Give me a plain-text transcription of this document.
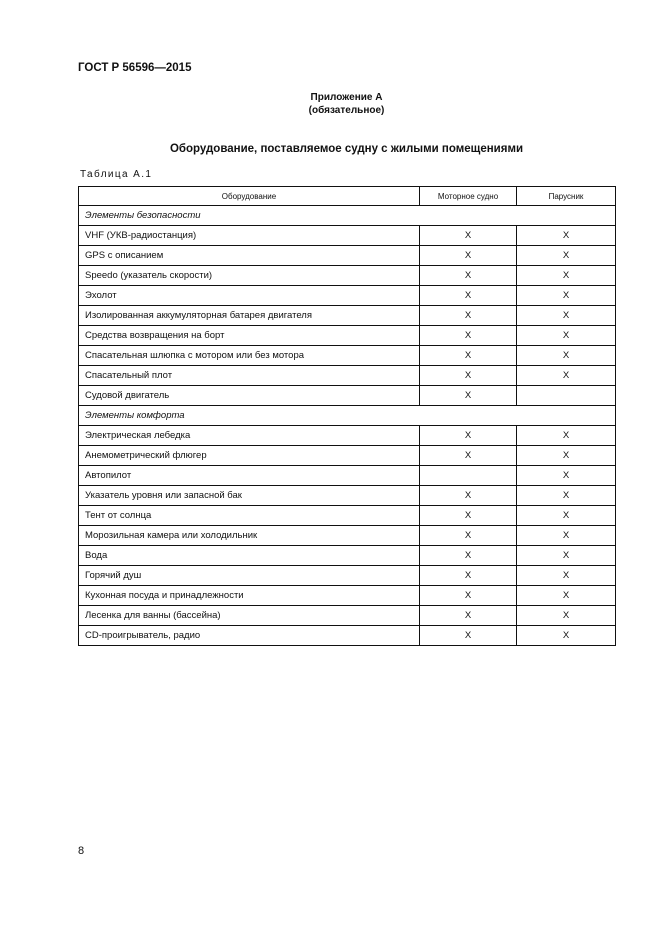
ГОСТ Р 56596—2015
Приложение А
(обязательное)
Оборудование, поставляемое судну с жилыми помещениями
Таблица А.1
Оборудование	Моторное судно	Парусник
Элементы безопасности		
VHF (УКВ-радиостанция)	X	X
GPS с описанием	X	X
Speedo (указатель скорости)	X	X
Эхолот	X	X
Изолированная аккумуляторная батарея двигателя	X	X
Средства возвращения на борт	X	X
Спасательная шлюпка с мотором или без мотора	X	X
Спасательный плот	X	X
Судовой двигатель	X	
Элементы комфорта		
Электрическая лебедка	X	X
Анемометрический флюгер	X	X
Автопилот		X
Указатель уровня или запасной бак	X	X
Тент от солнца	X	X
Морозильная камера или холодильник	X	X
Вода	X	X
Горячий душ	X	X
Кухонная посуда и принадлежности	X	X
Лесенка для ванны (бассейна)	X	X
CD-проигрыватель, радио	X	X
8
